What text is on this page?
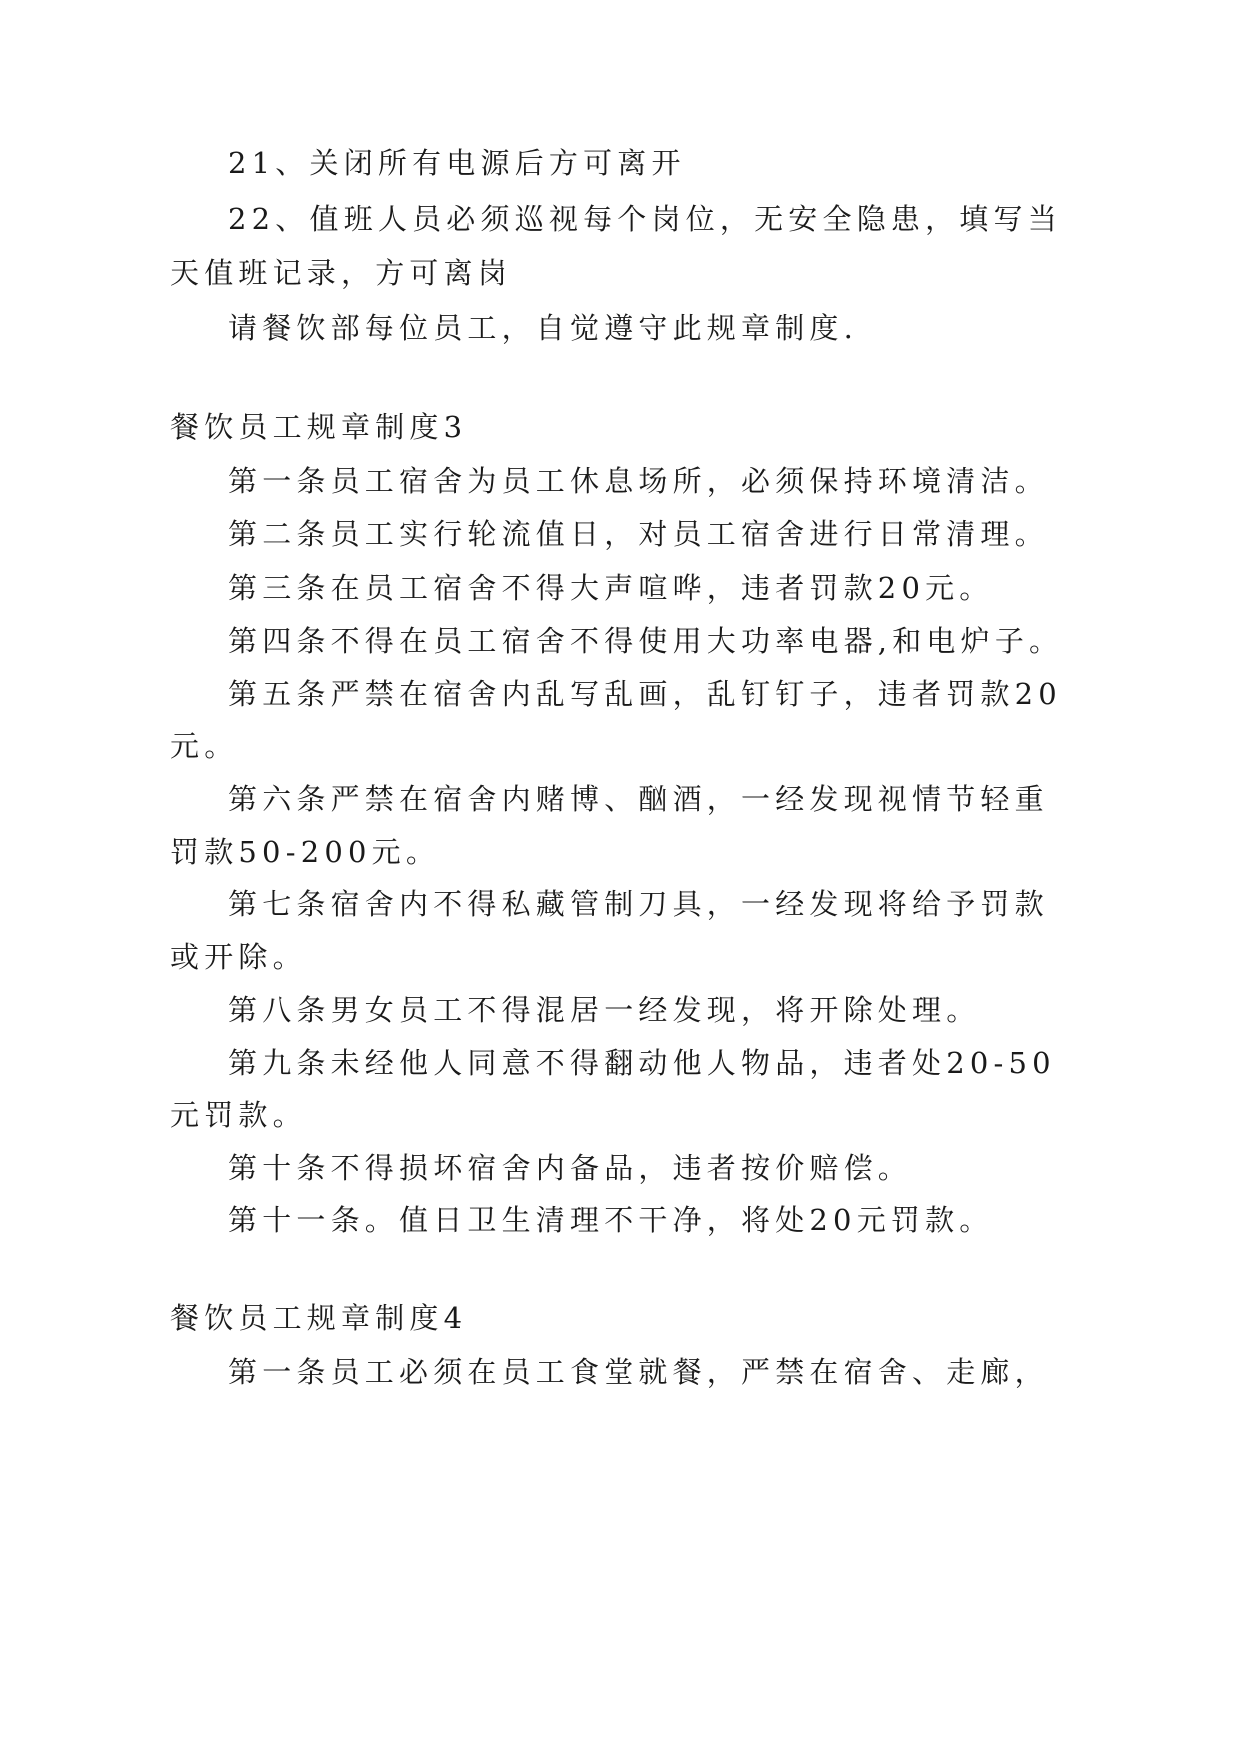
21、关闭所有电源后方可离开
22、值班人员必须巡视每个岗位，无安全隐患，填写当
天值班记录，方可离岗
请餐饮部每位员工，自觉遵守此规章制度.
餐饮员工规章制度3
第一条员工宿舍为员工休息场所，必须保持环境清洁。
第二条员工实行轮流值日，对员工宿舍进行日常清理。
第三条在员工宿舍不得大声喧哗，违者罚款20元。
第四条不得在员工宿舍不得使用大功率电器,和电炉子。
第五条严禁在宿舍内乱写乱画，乱钉钉子，违者罚款20
元。
第六条严禁在宿舍内赌博、酗酒，一经发现视情节轻重
罚款50-200元。
第七条宿舍内不得私藏管制刀具，一经发现将给予罚款
或开除。
第八条男女员工不得混居一经发现，将开除处理。
第九条未经他人同意不得翻动他人物品，违者处20-50
元罚款。
第十条不得损坏宿舍内备品，违者按价赔偿。
第十一条。值日卫生清理不干净，将处20元罚款。
餐饮员工规章制度4
第一条员工必须在员工食堂就餐，严禁在宿舍、走廊，
